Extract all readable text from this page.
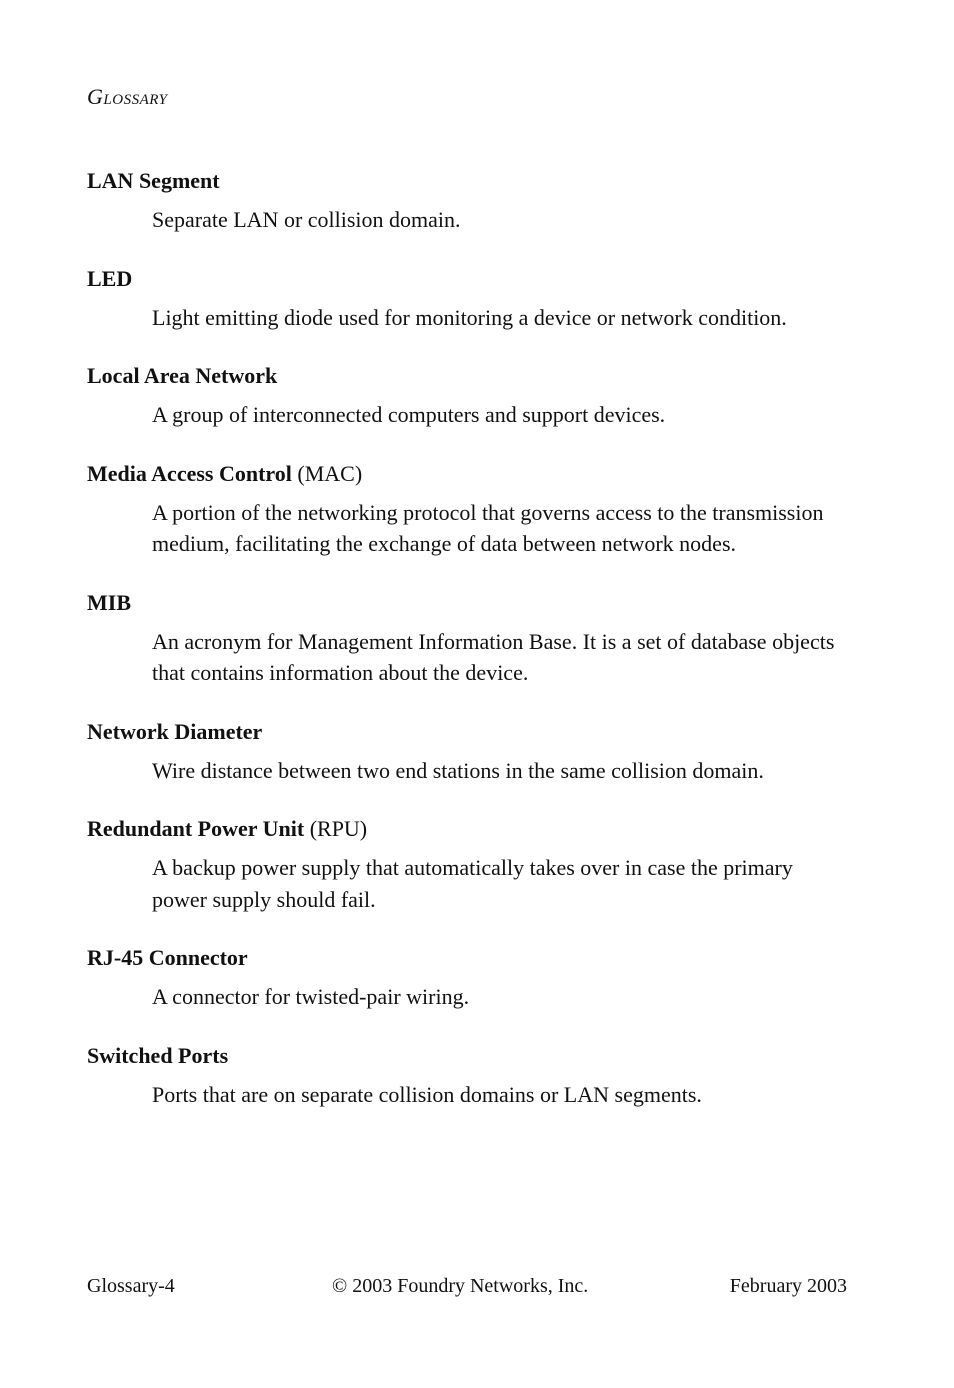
Glossary
LAN Segment
Separate LAN or collision domain.
LED
Light emitting diode used for monitoring a device or network condition.
Local Area Network
A group of interconnected computers and support devices.
Media Access Control (MAC)
A portion of the networking protocol that governs access to the transmission medium, facilitating the exchange of data between network nodes.
MIB
An acronym for Management Information Base. It is a set of database objects that contains information about the device.
Network Diameter
Wire distance between two end stations in the same collision domain.
Redundant Power Unit (RPU)
A backup power supply that automatically takes over in case the primary power supply should fail.
RJ-45 Connector
A connector for twisted-pair wiring.
Switched Ports
Ports that are on separate collision domains or LAN segments.
Glossary-4	© 2003 Foundry Networks, Inc.	February 2003
